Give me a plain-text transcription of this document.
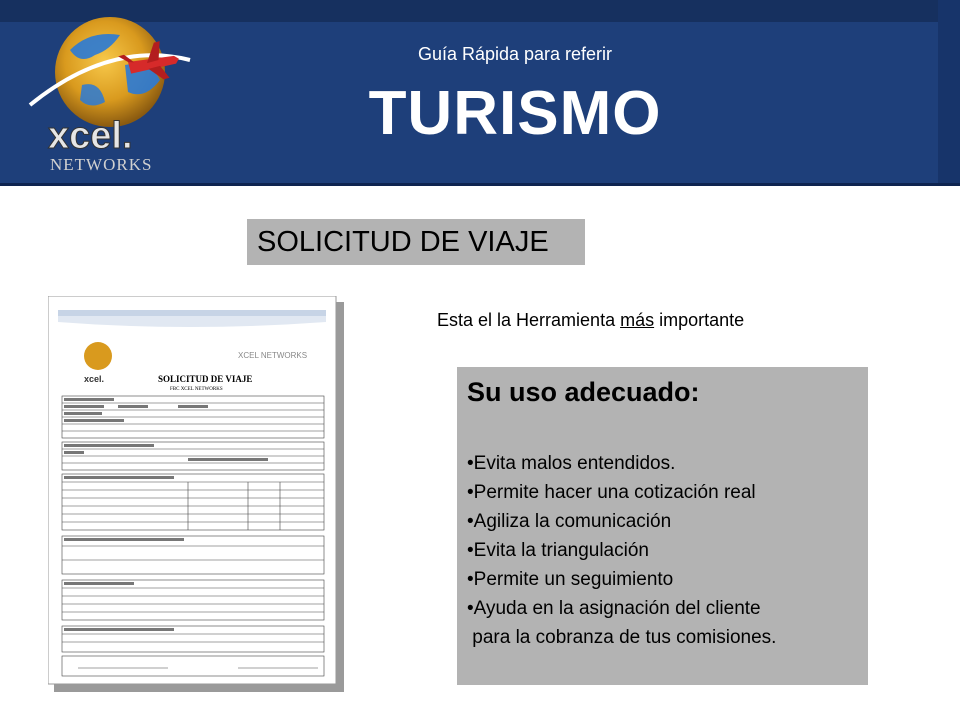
xcel.
NETWORKS
Guía Rápida para referir
TURISMO
SOLICITUD DE VIAJE
Esta el la Herramienta más importante
xcel.
XCEL NETWORKS
SOLICITUD DE VIAJE
FBC XCEL NETWORKS	Su uso adecuado:
•Evita malos entendidos.
•Permite hacer una cotización real
•Agiliza la comunicación
•Evita la triangulación
•Permite un seguimiento
•Ayuda en la asignación del cliente
para la cobranza de tus comisiones.
